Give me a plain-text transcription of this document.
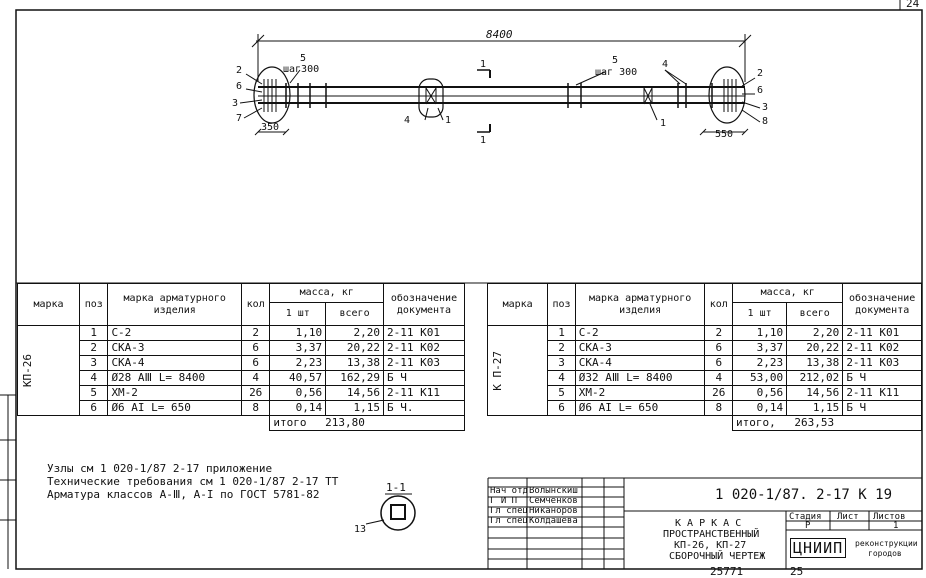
8400
2
6
3
7
5
шаг300
350
4	1
1
1
5
шаг 300
4
1
2
6
3
8
550
1-1
13
24
марка	поз	марка арматурного изделия	кол	масса, кг		обозначение документа
				1 шт	всего	

КП-26	1	С-2	2	1,10	2,20	2-11 К01
	2	СКА-3	6	3,37	20,22	2-11 К02
	3	СКА-4	6	2,23	13,38	2-11 К03
	4	Ø28 АⅢ L= 8400	4	40,57	162,29	Б Ч
	5	ХМ-2	26	0,56	14,56	2-11 К11
	6	Ø6 AI L= 650	8	0,14	1,15	Б Ч.
				итого 213,80		
марка	поз	марка арматурного изделия	кол	масса, кг		обозначение документа
				1 шт	всего	

К П-27	1	С-2	2	1,10	2,20	2-11 К01
	2	СКА-3	6	3,37	20,22	2-11 К02
	3	СКА-4	6	2,23	13,38	2-11 К03
	4	Ø32 АⅢ L= 8400	4	53,00	212,02	Б Ч
	5	ХМ-2	26	0,56	14,56	2-11 К11
	6	Ø6 AI L= 650	8	0,14	1,15	Б Ч
				итого, 263,53		
Узлы см 1 020-1/87 2-17 приложение
Технические требования см 1 020-1/87 2-17 ТТ
Арматура классов А-Ⅲ, А-I по ГОСТ 5781-82	Нач отд
Г И П
Гл спец
Гл спец
Волынскиш
Семченков
Никаноров
Колдашева
1 020-1/87. 2-17 К 19
К А Р К А С
ПРОСТРАНСТВЕННЫЙ
КП-26, КП-27
СБОРОЧНЫЙ ЧЕРТЕЖ
Стадия Лист Листов
Р	1
ЦНИИП	реконструкции
городов
25771	25
